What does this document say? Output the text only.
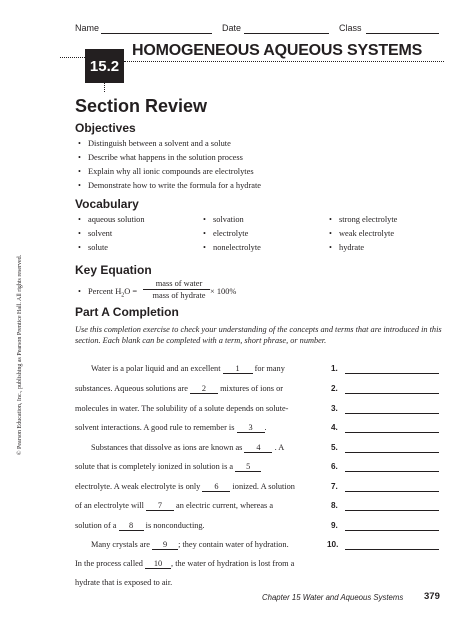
Name	Date	Class
15.2
HOMOGENEOUS AQUEOUS SYSTEMS
Section Review
Objectives
• Distinguish between a solvent and a solute
• Describe what happens in the solution process
• Explain why all ionic compounds are electrolytes
• Demonstrate how to write the formula for a hydrate
Vocabulary
• aqueous solution
• solvent
• solute
• solvation
• electrolyte
• nonelectrolyte
• strong electrolyte
• weak electrolyte
• hydrate
Key Equation
• Percent $H_2O$ =
mass of water
mass of hydrate
• × 100%
Part A Completion
Use this completion exercise to check your understanding of the concepts and terms that are introduced in this section. Each blank can be completed with a term, short phrase, or number.
Water is a polar liquid and an excellent 1 for many
substances. Aqueous solutions are 2 mixtures of ions or
molecules in water. The solubility of a solute depends on solute-
solvent interactions. A good rule to remember is 3 .
Substances that dissolve as ions are known as 4 . A
solute that is completely ionized in solution is a 5
electrolyte. A weak electrolyte is only 6 ionized. A solution
of an electrolyte will 7 an electric current, whereas a
solution of a 8 is nonconducting.
Many crystals are 9 ; they contain water of hydration.
In the process called 10 , the water of hydration is lost from a
hydrate that is exposed to air.
1.
2.
3.
4.
5.
6.
7.
8.
9.
10.
© Pearson Education, Inc., publishing as Pearson Prentice Hall. All rights reserved.
Chapter 15 Water and Aqueous Systems 379
